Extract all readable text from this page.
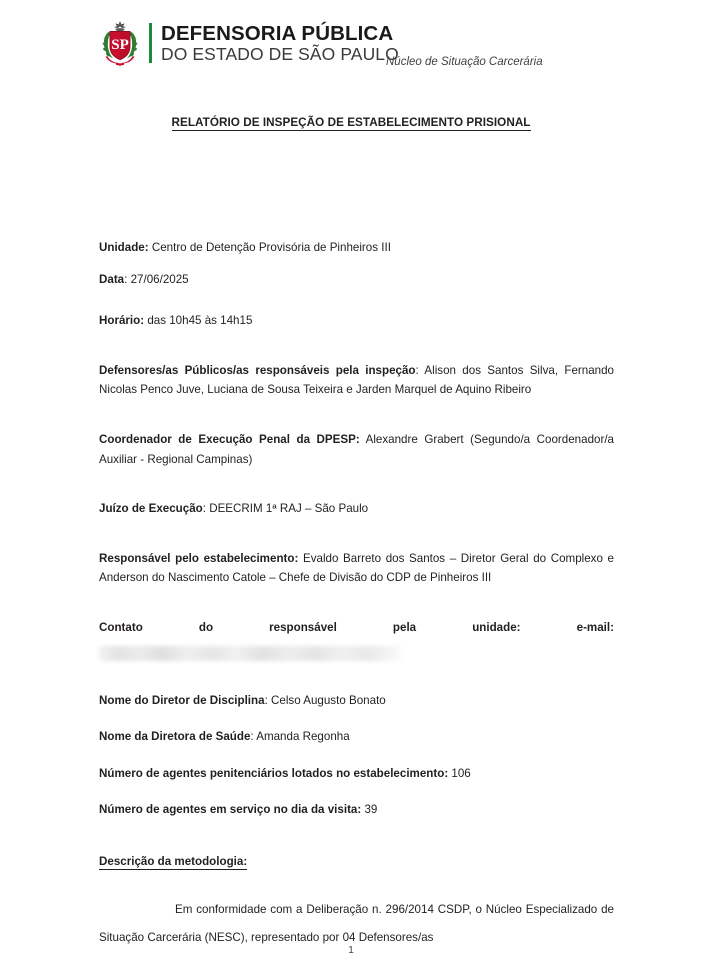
SP
DEFENSORIA PÚBLICA
DO ESTADO DE SÃO PAULO
Núcleo de Situação Carcerária
RELATÓRIO DE INSPEÇÃO DE ESTABELECIMENTO PRISIONAL

Unidade: Centro de Detenção Provisória de Pinheiros III

Data: 27/06/2025

Horário: das 10h45 às 14h15

Defensores/as Públicos/as responsáveis pela inspeção: Alison dos Santos Silva, Fernando Nicolas Penco Juve, Luciana de Sousa Teixeira e Jarden Marquel de Aquino Ribeiro

Coordenador de Execução Penal da DPESP: Alexandre Grabert (Segundo/a Coordenador/a Auxiliar - Regional Campinas)

Juízo de Execução: DEECRIM 1ª RAJ – São Paulo

Responsável pelo estabelecimento: Evaldo Barreto dos Santos – Diretor Geral do Complexo e Anderson do Nascimento Catole – Chefe de Divisão do CDP de Pinheiros III

Contato do responsável pela unidade: e-mail:

Nome do Diretor de Disciplina: Celso Augusto Bonato

Nome da Diretora de Saúde: Amanda Regonha

Número de agentes penitenciários lotados no estabelecimento: 106

Número de agentes em serviço no dia da visita: 39

Descrição da metodologia:

Em conformidade com a Deliberação n. 296/2014 CSDP, o Núcleo Especializado de Situação Carcerária (NESC), representado por 04 Defensores/as

1
